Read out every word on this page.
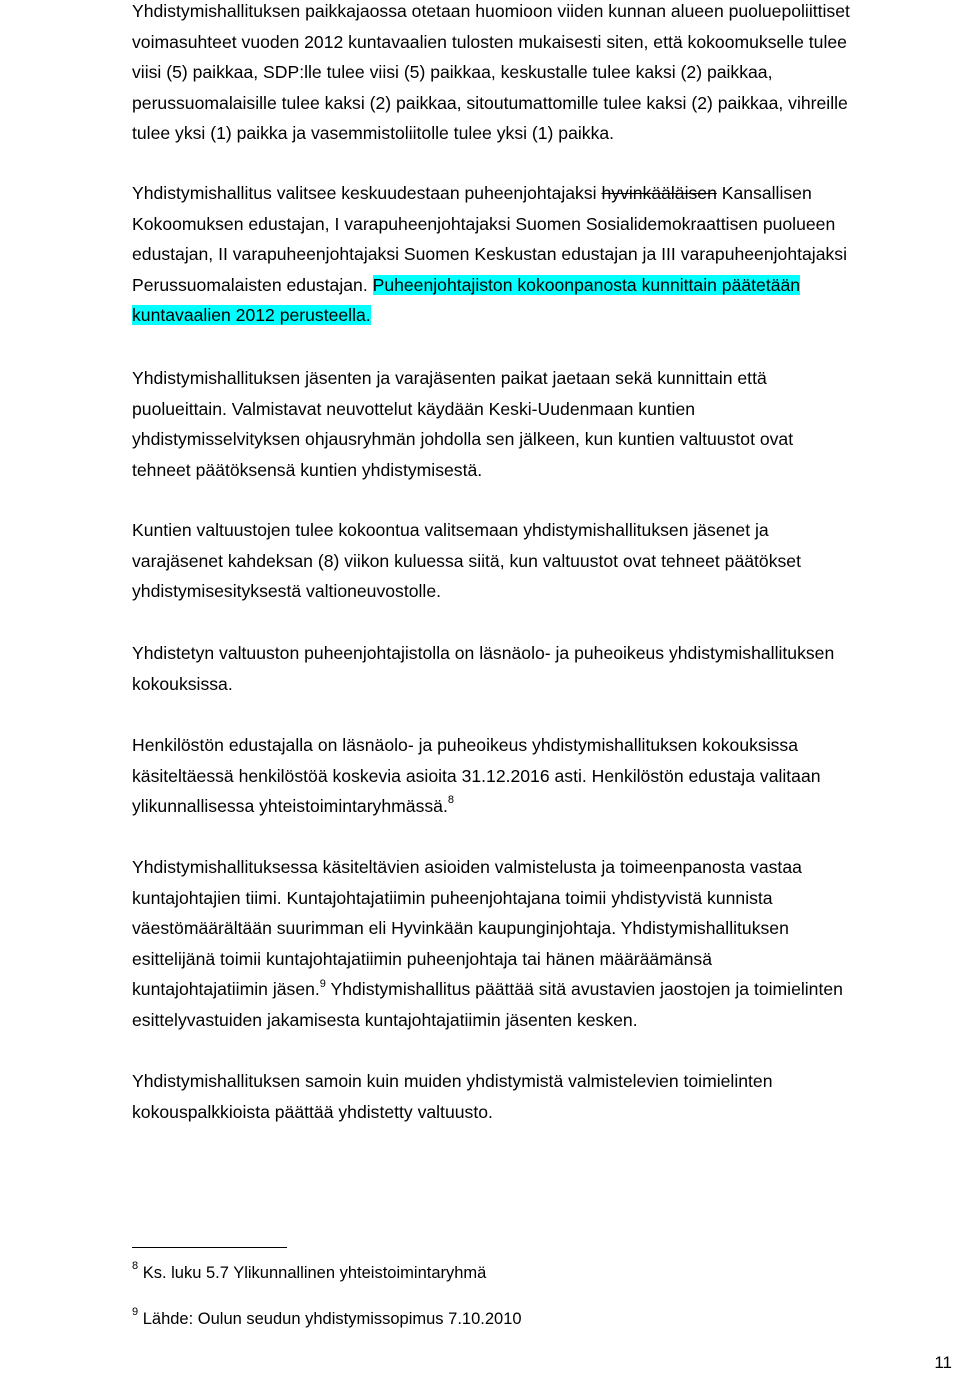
Yhdistymishallituksen paikkajaossa otetaan huomioon viiden kunnan alueen puoluepoliittiset
voimasuhteet vuoden 2012 kuntavaalien tulosten mukaisesti siten, että kokoomukselle tulee
viisi (5) paikkaa, SDP:lle tulee viisi (5) paikkaa, keskustalle tulee kaksi (2) paikkaa,
perussuomalaisille tulee kaksi (2) paikkaa, sitoutumattomille tulee kaksi (2) paikkaa, vihreille
tulee yksi (1) paikka ja vasemmistoliitolle tulee yksi (1) paikka.

Yhdistymishallitus valitsee keskuudestaan puheenjohtajaksi hyvinkääläisen Kansallisen
Kokoomuksen edustajan, I varapuheenjohtajaksi Suomen Sosialidemokraattisen puolueen
edustajan, II varapuheenjohtajaksi Suomen Keskustan edustajan ja III varapuheenjohtajaksi
Perussuomalaisten edustajan. Puheenjohtajiston kokoonpanosta kunnittain päätetään
kuntavaalien 2012 perusteella.

Yhdistymishallituksen jäsenten ja varajäsenten paikat jaetaan sekä kunnittain että
puolueittain. Valmistavat neuvottelut käydään Keski-Uudenmaan kuntien
yhdistymisselvityksen ohjausryhmän johdolla sen jälkeen, kun kuntien valtuustot ovat
tehneet päätöksensä kuntien yhdistymisestä.

Kuntien valtuustojen tulee kokoontua valitsemaan yhdistymishallituksen jäsenet ja
varajäsenet kahdeksan (8) viikon kuluessa siitä, kun valtuustot ovat tehneet päätökset
yhdistymisesityksestä valtioneuvostolle.

Yhdistetyn valtuuston puheenjohtajistolla on läsnäolo- ja puheoikeus yhdistymishallituksen
kokouksissa.

Henkilöstön edustajalla on läsnäolo- ja puheoikeus yhdistymishallituksen kokouksissa
käsiteltäessä henkilöstöä koskevia asioita 31.12.2016 asti. Henkilöstön edustaja valitaan
ylikunnallisessa yhteistoimintaryhmässä.$^8$

Yhdistymishallituksessa käsiteltävien asioiden valmistelusta ja toimeenpanosta vastaa
kuntajohtajien tiimi. Kuntajohtajatiimin puheenjohtajana toimii yhdistyvistä kunnista
väestömäärältään suurimman eli Hyvinkään kaupunginjohtaja. Yhdistymishallituksen
esittelijänä toimii kuntajohtajatiimin puheenjohtaja tai hänen määräämänsä
kuntajohtajatiimin jäsen.$^9$ Yhdistymishallitus päättää sitä avustavien jaostojen ja toimielinten
esittelyvastuiden jakamisesta kuntajohtajatiimin jäsenten kesken.

Yhdistymishallituksen samoin kuin muiden yhdistymistä valmistelevien toimielinten
kokouspalkkioista päättää yhdistetty valtuusto.

$^8$ Ks. luku 5.7 Ylikunnallinen yhteistoimintaryhmä
$^9$ Lähde: Oulun seudun yhdistymissopimus 7.10.2010
11
